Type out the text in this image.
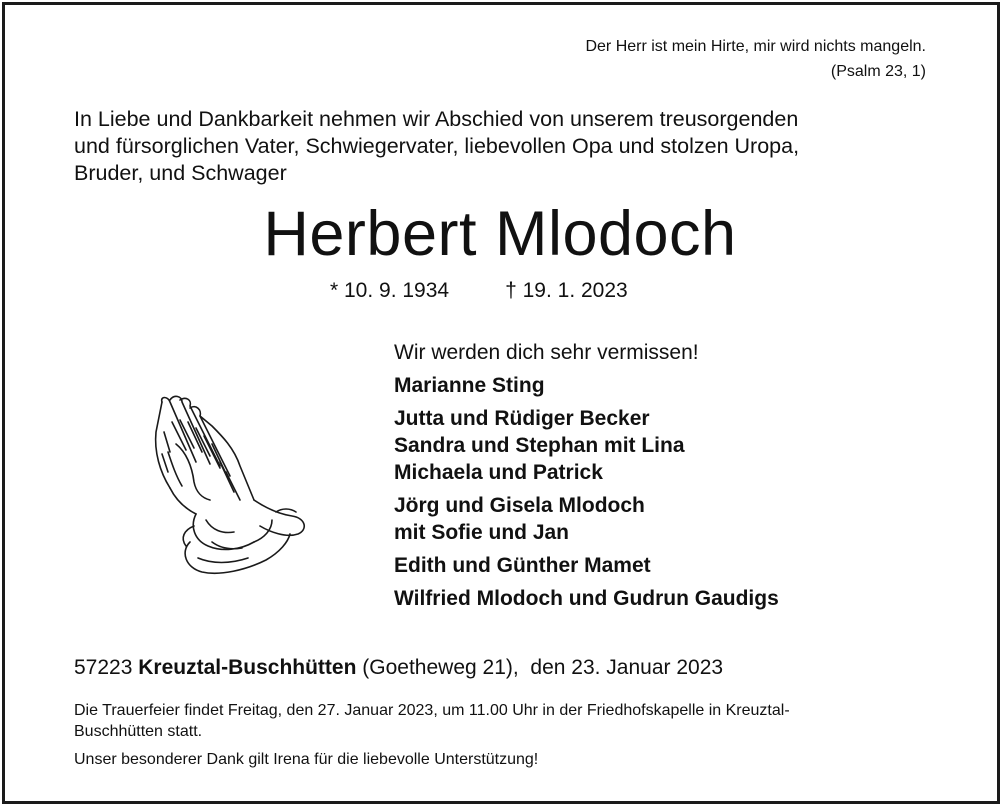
Der Herr ist mein Hirte, mir wird nichts mangeln.
(Psalm 23, 1)
In Liebe und Dankbarkeit nehmen wir Abschied von unserem treusorgenden
und fürsorglichen Vater, Schwiegervater, liebevollen Opa und stolzen Uropa,
Bruder, und Schwager
Herbert Mlodoch
* 10. 9. 1934	† 19. 1. 2023
Wir werden dich sehr vermissen!
Marianne Sting
Jutta und Rüdiger Becker
Sandra und Stephan mit Lina
Michaela und Patrick
Jörg und Gisela Mlodoch
mit Sofie und Jan
Edith und Günther Mamet
Wilfried Mlodoch und Gudrun Gaudigs
57223 Kreuztal-Buschhütten (Goetheweg 21), den 23. Januar 2023
Die Trauerfeier findet Freitag, den 27. Januar 2023, um 11.00 Uhr in der Friedhofskapelle in Kreuztal-
Buschhütten statt.
Unser besonderer Dank gilt Irena für die liebevolle Unterstützung!
